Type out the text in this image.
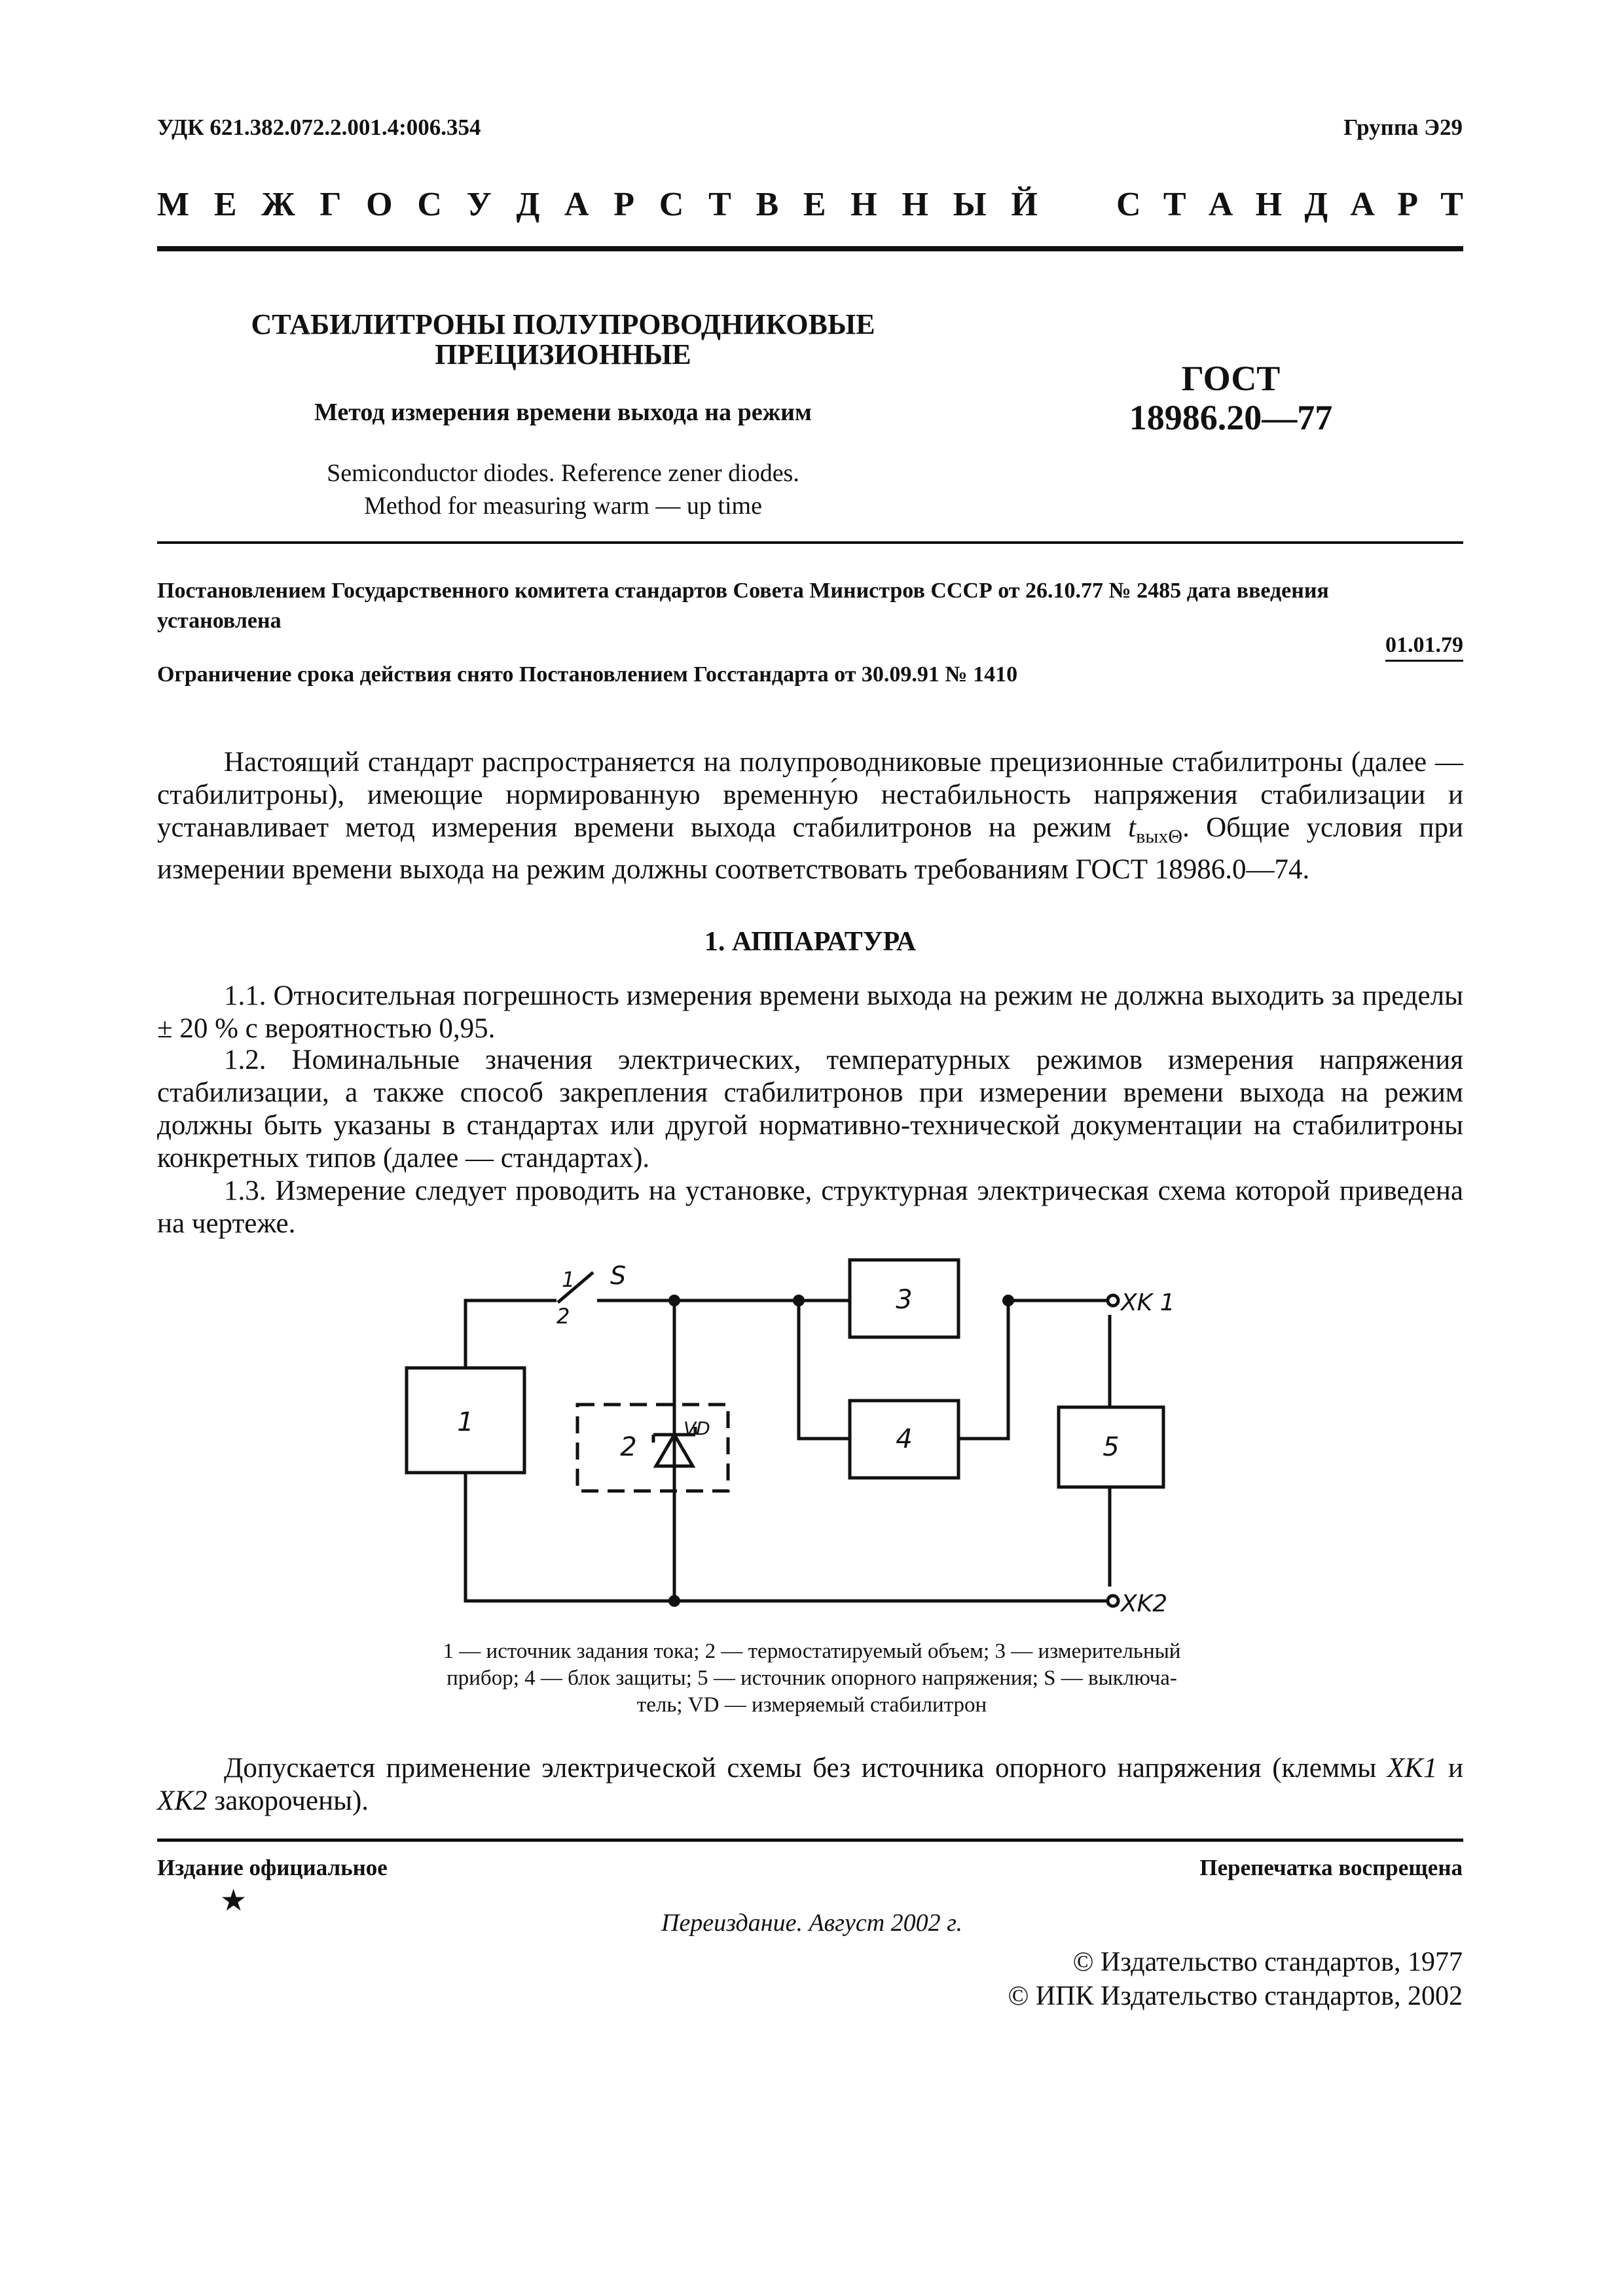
УДК 621.382.072.2.001.4:006.354	Группа Э29
М Е Ж Г О С У Д А Р С Т В Е Н Н Ы Й С Т А Н Д А Р Т
СТАБИЛИТРОНЫ ПОЛУПРОВОДНИКОВЫЕ
ПРЕЦИЗИОННЫЕ
Метод измерения времени выхода на режим
Semiconductor diodes. Reference zener diodes.
Method for measuring warm — up time
ГОСТ
18986.20—77
Постановлением Государственного комитета стандартов Совета Министров СССР от 26.10.77 № 2485 дата введения
установлена
01.01.79
Ограничение срока действия снято Постановлением Госстандарта от 30.09.91 № 1410
Настоящий стандарт распространяется на полупроводниковые прецизионные стабилитроны (далее — стабилитроны), имеющие нормированную временну́ю нестабильность напряжения стабилизации и устанавливает метод измерения времени выхода стабилитронов на режим $t_{вых\Theta}$. Общие условия при измерении времени выхода на режим должны соответствовать требованиям ГОСТ 18986.0—74.
1. АППАРАТУРА
1.1. Относительная погрешность измерения времени выхода на режим не должна выходить за пределы ± 20 % с вероятностью 0,95.
1.2. Номинальные значения электрических, температурных режимов измерения напряжения стабилизации, а также способ закрепления стабилитронов при измерении времени выхода на режим должны быть указаны в стандартах или другой нормативно-технической документации на стабилитроны конкретных типов (далее — стандартах).
1.3. Измерение следует проводить на установке, структурная электрическая схема которой приведена на чертеже.
1
2
3
4	5
1
2
S
VD
XK 1
XK2
1 — источник задания тока; 2 — термостатируемый объем; 3 — измерительный
прибор; 4 — блок защиты; 5 — источник опорного напряжения; S — выключа-
тель; VD — измеряемый стабилитрон
Допускается применение электрической схемы без источника опорного напряжения (клеммы XK1 и XK2 закорочены).
Издание официальное	Перепечатка воспрещена
★
Переиздание. Август 2002 г.
© Издательство стандартов, 1977
© ИПК Издательство стандартов, 2002
